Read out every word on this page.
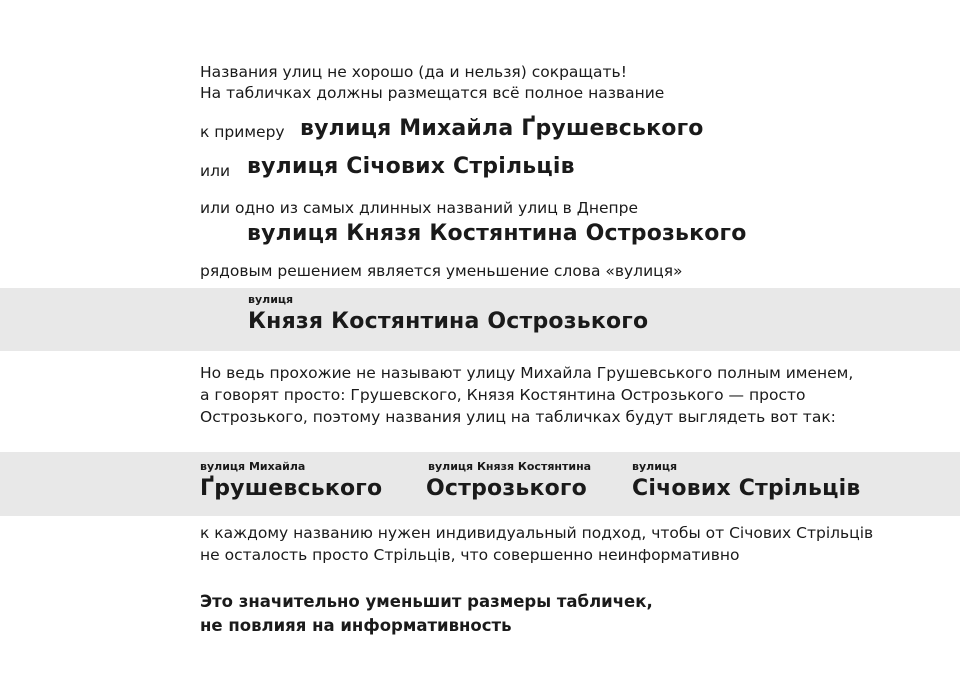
Названия улиц не хорошо (да и нельзя) сокращать!
На табличках должны размещатся всё полное название
к примеру вулиця Михайла Ґрушевського
или вулиця Січових Стрільців
или одно из самых длинных названий улиц в Днепре
вулиця Князя Костянтина Острозького
рядовым решением является уменьшение слова «вулиця»
вулиця
Князя Костянтина Острозького
Но ведь прохожие не называют улицу Михайла Грушевського полным именем,
а говорят просто: Грушевского, Князя Костянтина Острозького — просто
Острозького, поэтому названия улиц на табличках будут выглядеть вот так:
вулиця Михайла
Ґрушевського
вулиця Князя Костянтина
Острозького
вулиця
Січових Стрільців
к каждому названию нужен индивидуальный подход, чтобы от Січових Стрільців
не осталость просто Стрільців, что совершенно неинформативно
Это значительно уменьшит размеры табличек,
не повлияя на информативность
